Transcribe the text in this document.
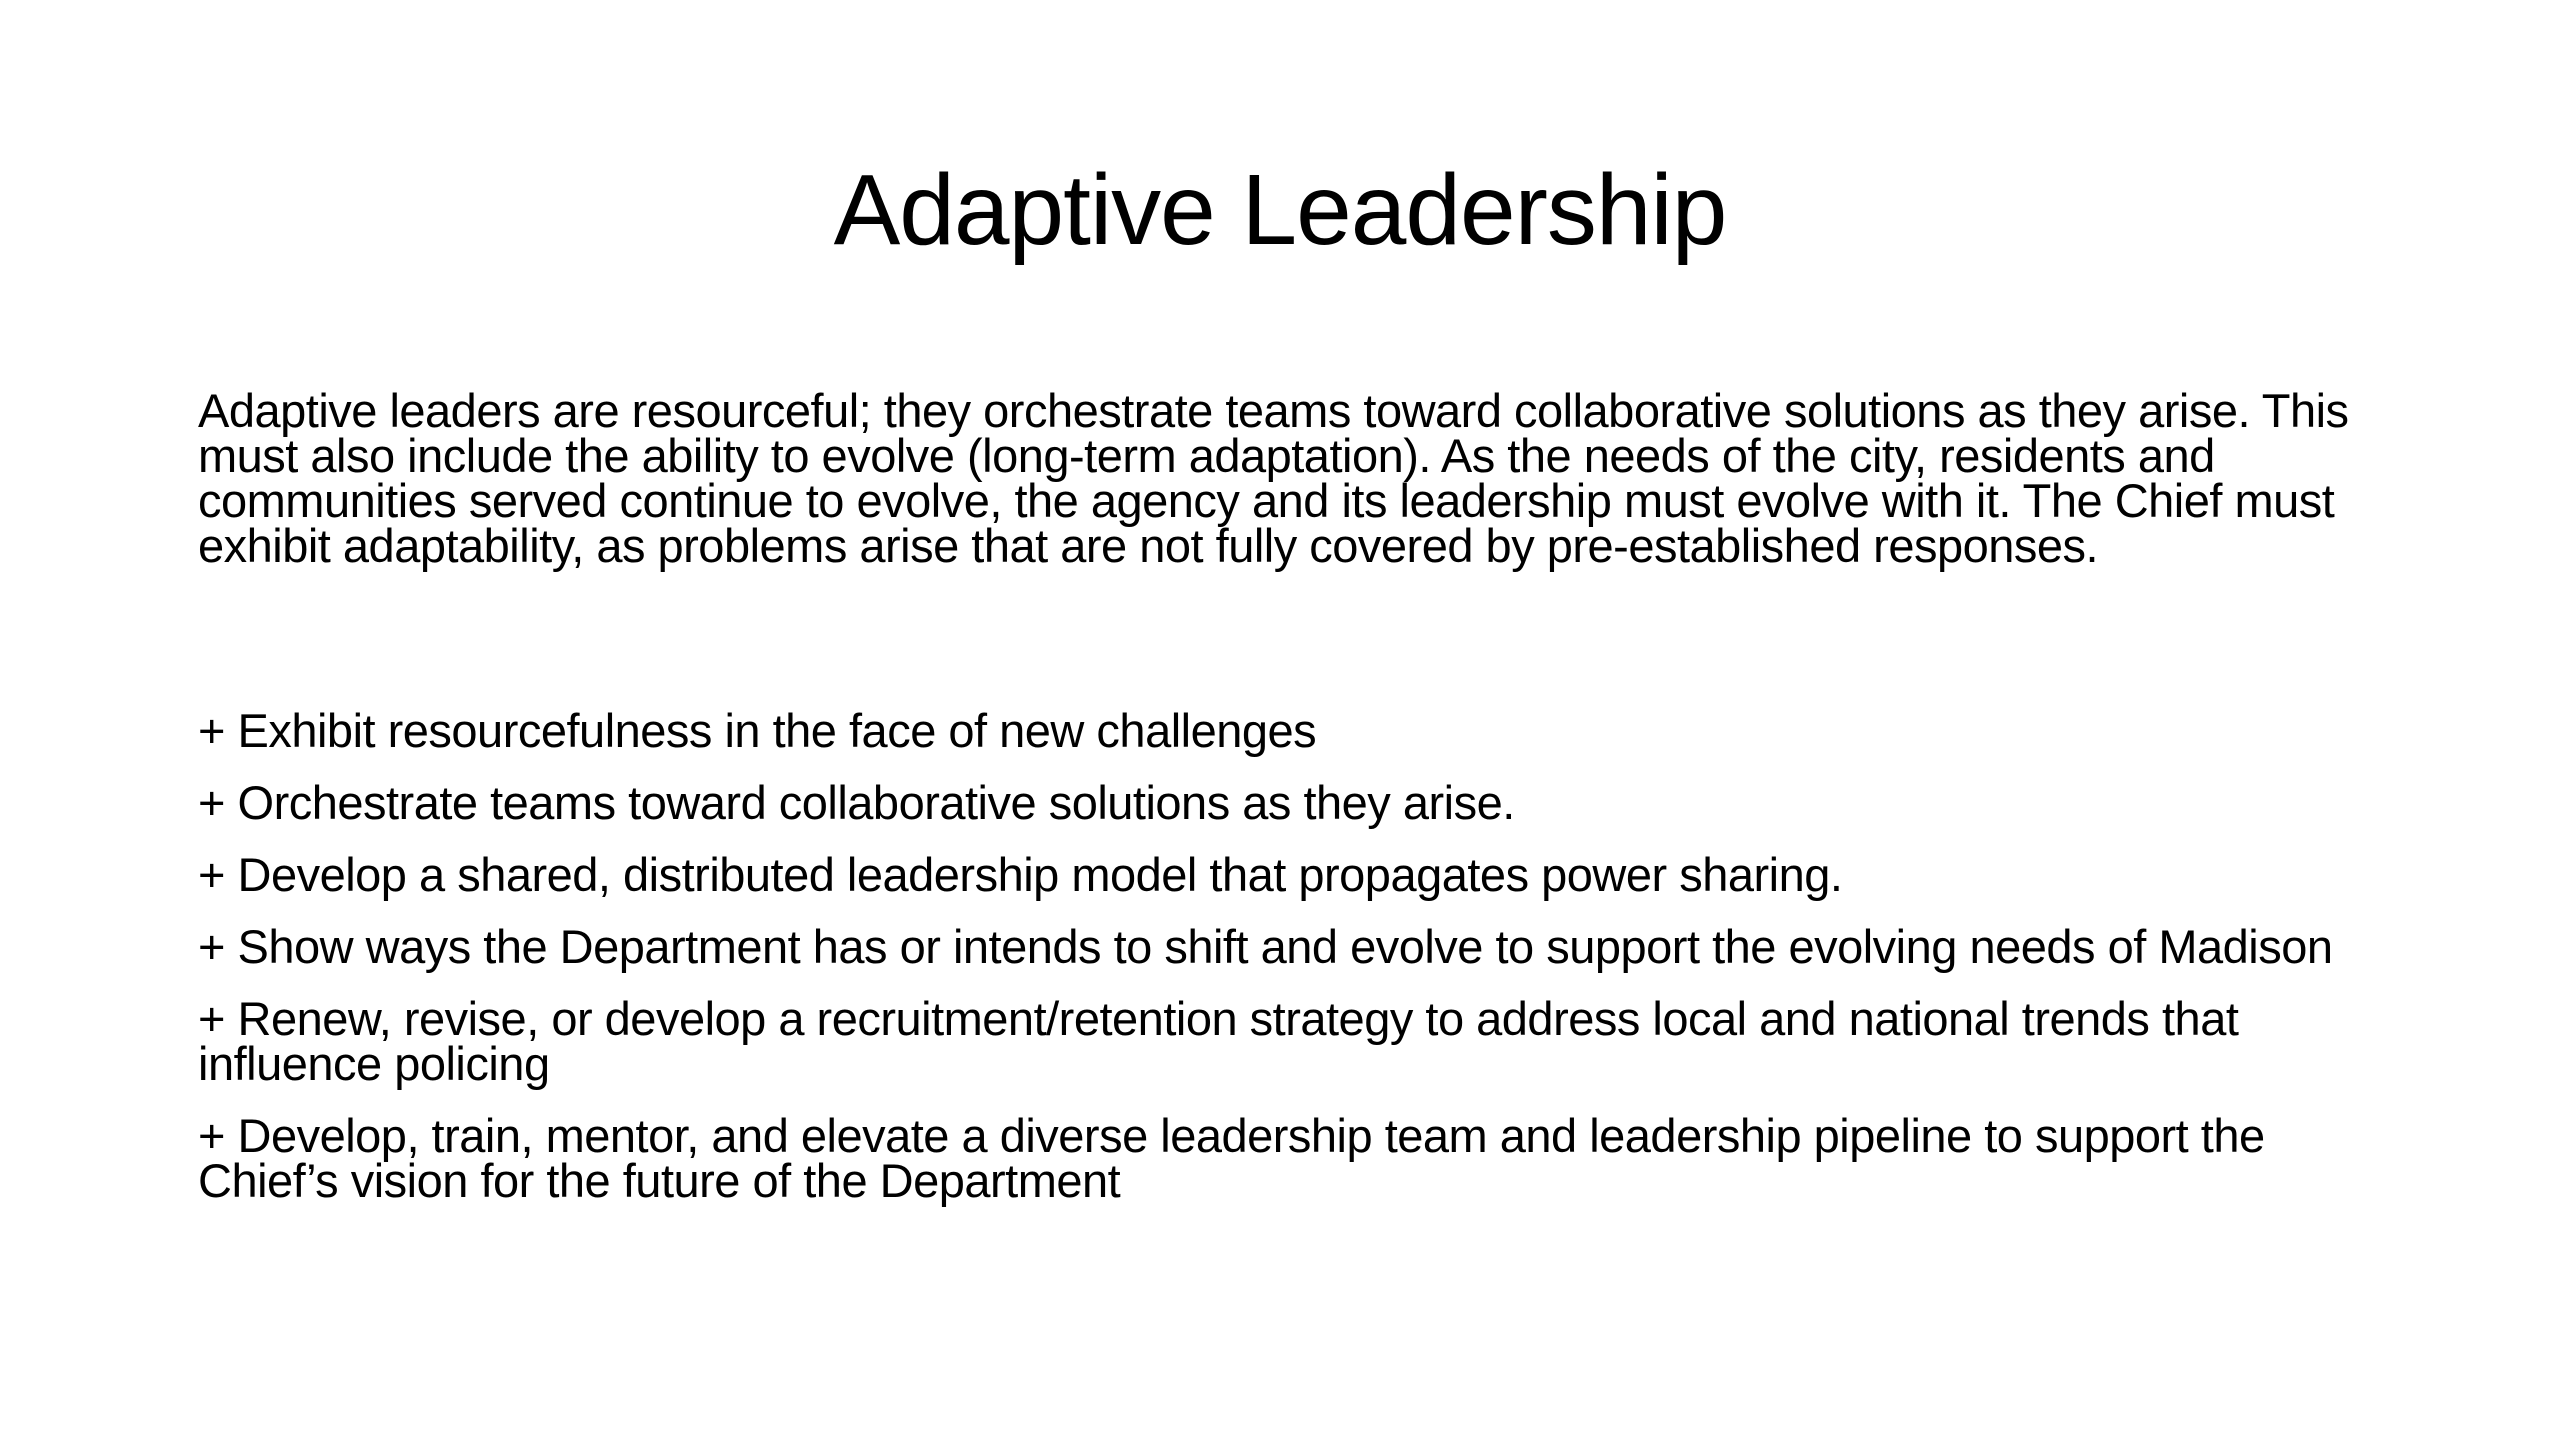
Adaptive Leadership

Adaptive leaders are resourceful; they orchestrate teams toward collaborative solutions as they arise. This must also include the ability to evolve (long-term adaptation). As the needs of the city, residents and communities served continue to evolve, the agency and its leadership must evolve with it. The Chief must exhibit adaptability, as problems arise that are not fully covered by pre-established responses.

+ Exhibit resourcefulness in the face of new challenges
+ Orchestrate teams toward collaborative solutions as they arise.
+ Develop a shared, distributed leadership model that propagates power sharing.
+ Show ways the Department has or intends to shift and evolve to support the evolving needs of Madison
+ Renew, revise, or develop a recruitment/retention strategy to address local and national trends that influence policing
+ Develop, train, mentor, and elevate a diverse leadership team and leadership pipeline to support the Chief’s vision for the future of the Department
